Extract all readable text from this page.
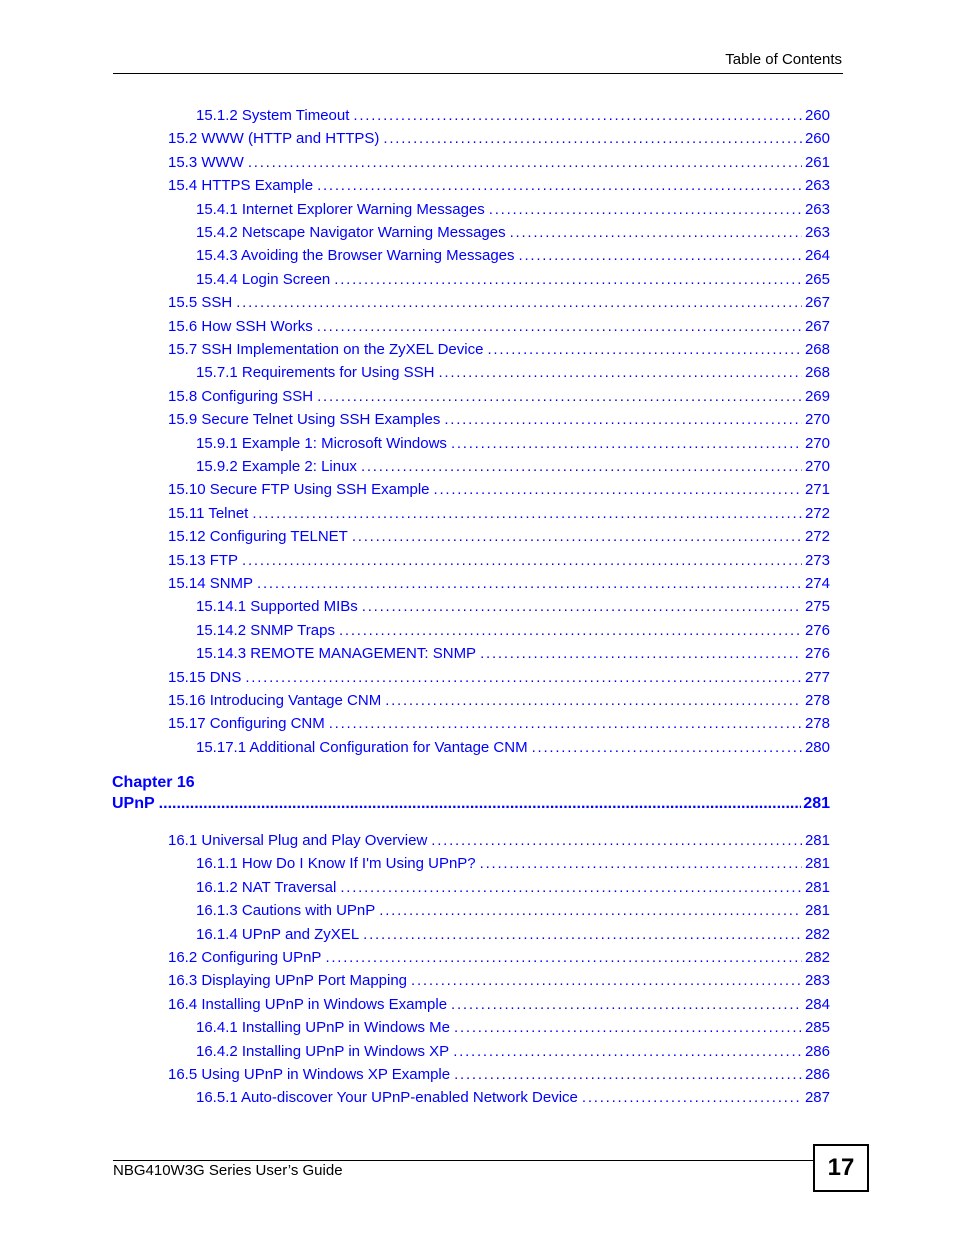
Table of Contents
15.1.2 System Timeout . . .	260
15.2 WWW (HTTP and HTTPS) . . .	260
15.3 WWW . . .	261
15.4 HTTPS Example . . .	263
15.4.1 Internet Explorer Warning Messages . . .	263
15.4.2 Netscape Navigator Warning Messages . . .	263
15.4.3 Avoiding the Browser Warning Messages . . .	264
15.4.4 Login Screen . . .	265
15.5 SSH . . .	267
15.6 How SSH Works . . .	267
15.7 SSH Implementation on the ZyXEL Device . . .	268
15.7.1 Requirements for Using SSH . . .	268
15.8 Configuring SSH . . .	269
15.9 Secure Telnet Using SSH Examples . . .	270
15.9.1 Example 1: Microsoft Windows . . .	270
15.9.2 Example 2: Linux . . .	270
15.10 Secure FTP Using SSH Example . . .	271
15.11 Telnet . . .	272
15.12 Configuring TELNET . . .	272
15.13 FTP . . .	273
15.14 SNMP . . .	274
15.14.1 Supported MIBs . . .	275
15.14.2 SNMP Traps . . .	276
15.14.3 REMOTE MANAGEMENT: SNMP . . .	276
15.15 DNS . . .	277
15.16 Introducing Vantage CNM . . .	278
15.17 Configuring CNM . . .	278
15.17.1 Additional Configuration for Vantage CNM . . .	280
Chapter 16
UPnP .....	281
16.1 Universal Plug and Play Overview . . .	281
16.1.1 How Do I Know If I'm Using UPnP? . . .	281
16.1.2 NAT Traversal . . .	281
16.1.3 Cautions with UPnP . . .	281
16.1.4 UPnP and ZyXEL . . .	282
16.2 Configuring UPnP . . .	282
16.3 Displaying UPnP Port Mapping . . .	283
16.4 Installing UPnP in Windows Example . . .	284
16.4.1 Installing UPnP in Windows Me . . .	285
16.4.2 Installing UPnP in Windows XP . . .	286
16.5 Using UPnP in Windows XP Example . . .	286
16.5.1 Auto-discover Your UPnP-enabled Network Device . . .	287
NBG410W3G Series User’s Guide	17
